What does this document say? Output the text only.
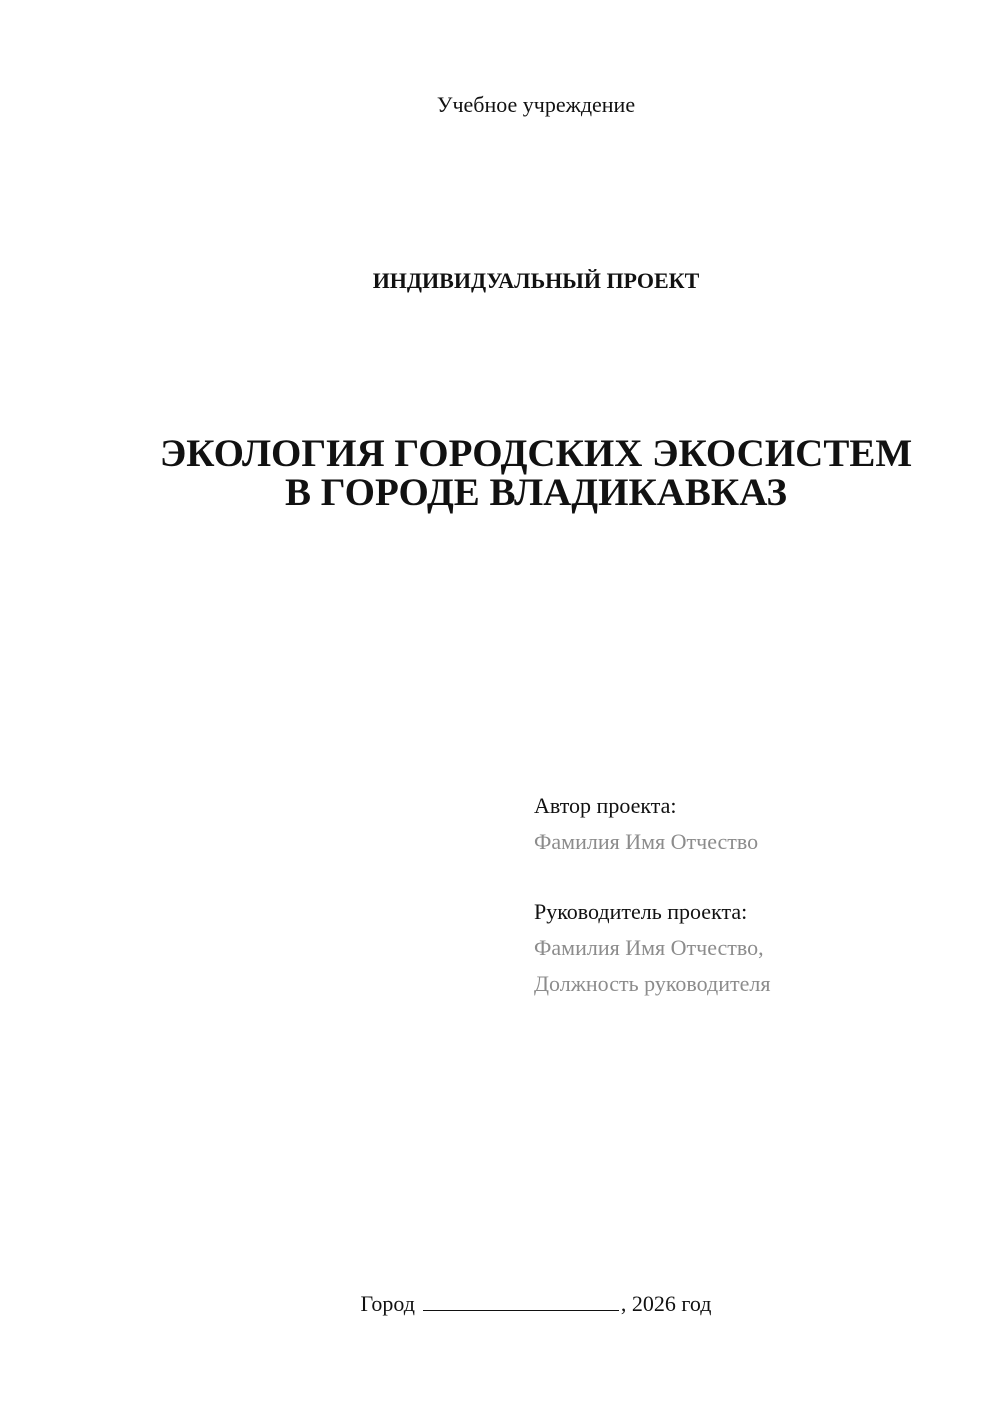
Учебное учреждение
ИНДИВИДУАЛЬНЫЙ ПРОЕКТ
ЭКОЛОГИЯ ГОРОДСКИХ ЭКОСИСТЕМ
В ГОРОДЕ ВЛАДИКАВКАЗ
Автор проекта:
Фамилия Имя Отчество
Руководитель проекта:
Фамилия Имя Отчество,
Должность руководителя
Город	, 2026 год
